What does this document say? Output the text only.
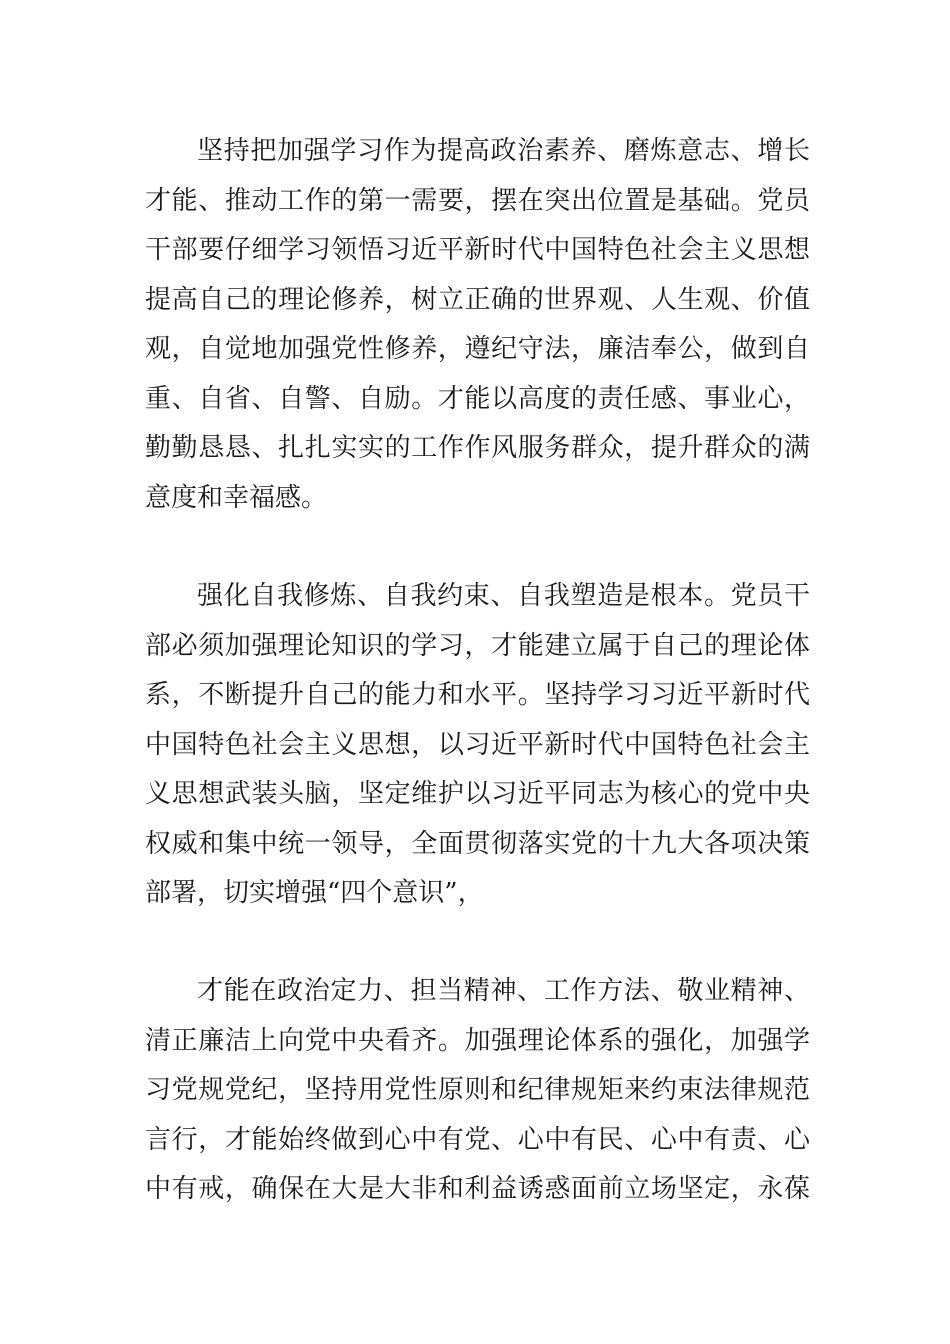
坚持把加强学习作为提高政治素养、磨炼意志、增长
才能、推动工作的第一需要，摆在突出位置是基础。党员
干部要仔细学习领悟习近平新时代中国特色社会主义思想
提高自己的理论修养，树立正确的世界观、人生观、价值
观，自觉地加强党性修养，遵纪守法，廉洁奉公，做到自
重、自省、自警、自励。才能以高度的责任感、事业心，
勤勤恳恳、扎扎实实的工作作风服务群众，提升群众的满
意度和幸福感。
强化自我修炼、自我约束、自我塑造是根本。党员干
部必须加强理论知识的学习，才能建立属于自己的理论体
系，不断提升自己的能力和水平。坚持学习习近平新时代
中国特色社会主义思想，以习近平新时代中国特色社会主
义思想武装头脑，坚定维护以习近平同志为核心的党中央
权威和集中统一领导，全面贯彻落实党的十九大各项决策
部署，切实增强“四个意识”，
才能在政治定力、担当精神、工作方法、敬业精神、
清正廉洁上向党中央看齐。加强理论体系的强化，加强学
习党规党纪，坚持用党性原则和纪律规矩来约束法律规范
言行，才能始终做到心中有党、心中有民、心中有责、心
中有戒，确保在大是大非和利益诱惑面前立场坚定，永葆
